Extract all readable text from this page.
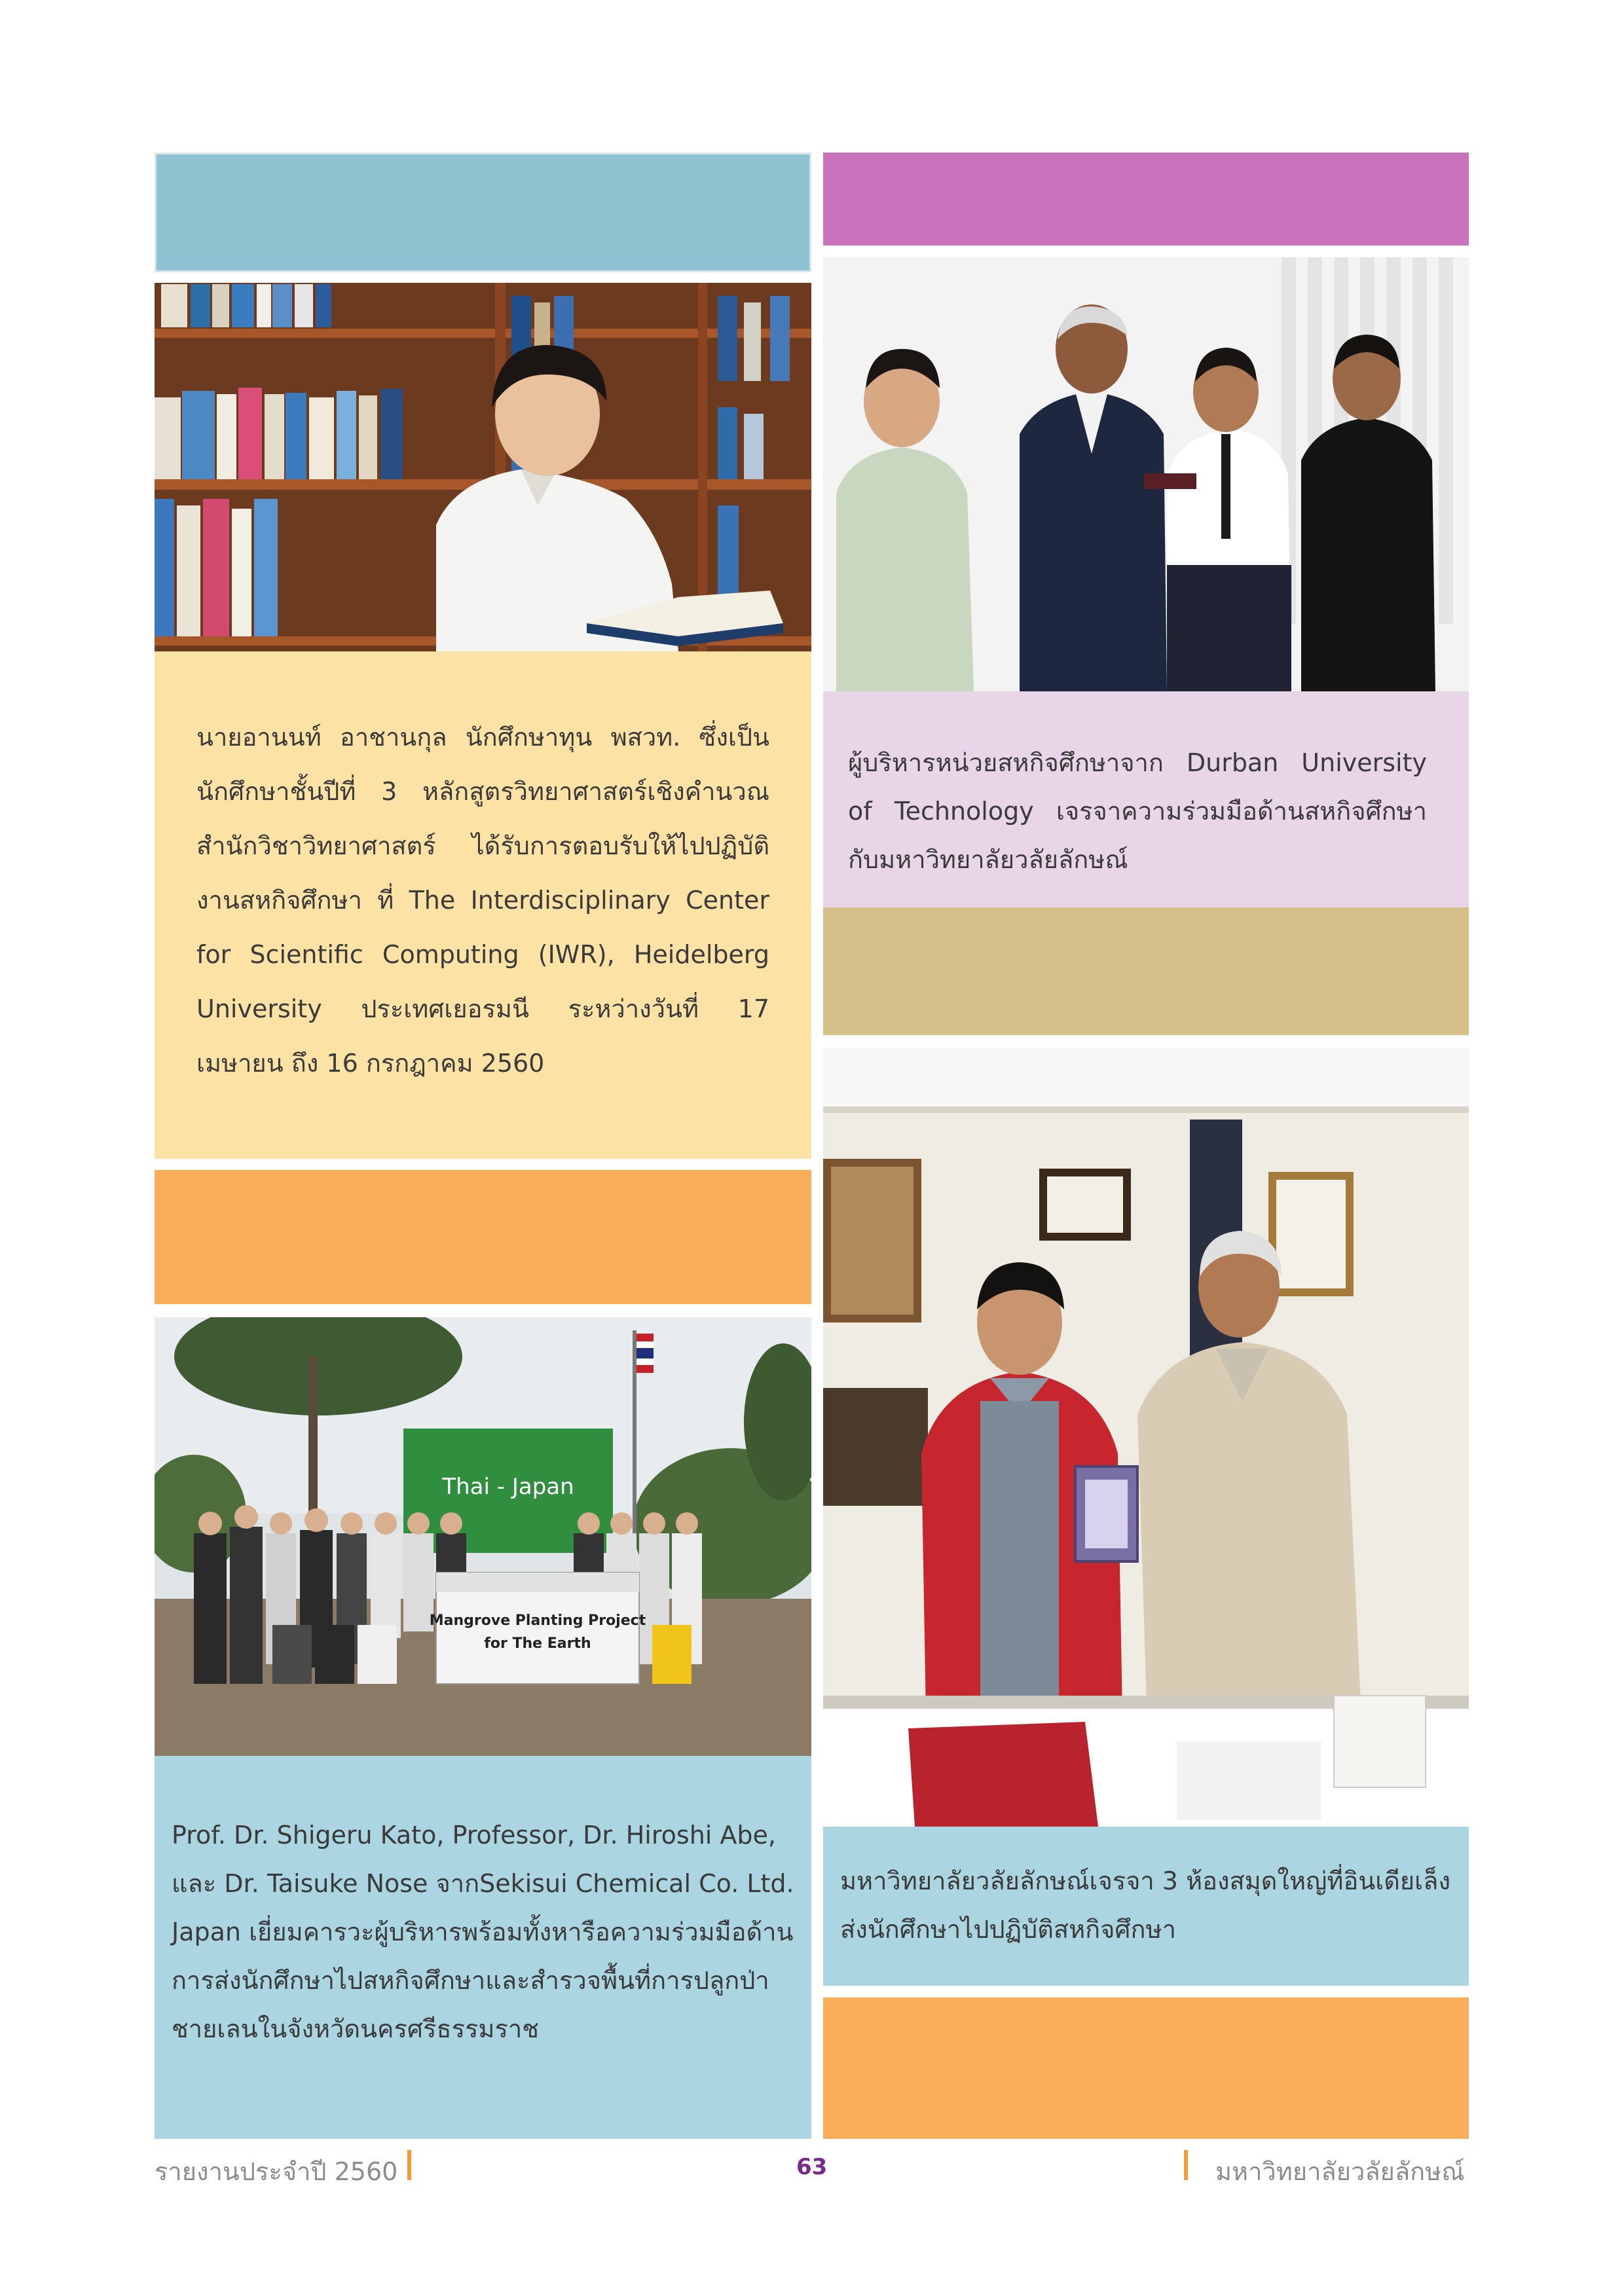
นายอานนท์ อาชานกุล นักศึกษาทุน พสวท. ซึ่งเป็นนักศึกษาชั้นปีที่ 3 หลักสูตรวิทยาศาสตร์เชิงคำนวณ สำนักวิชาวิทยาศาสตร์ ได้รับการตอบรับให้ไปปฏิบัติงานสหกิจศึกษา ที่ The Interdisciplinary Center for Scientific Computing (IWR), Heidelberg University ประเทศเยอรมนี ระหว่างวันที่ 17 เมษายน ถึง 16 กรกฎาคม 2560

Thai - Japan
Mangrove Planting Project
for The Earth

Prof. Dr. Shigeru Kato, Professor, Dr. Hiroshi Abe, และ Dr. Taisuke Nose จากSekisui Chemical Co. Ltd. Japan เยี่ยมคารวะผู้บริหารพร้อมทั้งหารือความร่วมมือด้านการส่งนักศึกษาไปสหกิจศึกษาและสำรวจพื้นที่การปลูกป่าชายเลนในจังหวัดนครศรีธรรมราช

ผู้บริหารหน่วยสหกิจศึกษาจาก Durban University of Technology เจรจาความร่วมมือด้านสหกิจศึกษากับมหาวิทยาลัยวลัยลักษณ์

มหาวิทยาลัยวลัยลักษณ์เจรจา 3 ห้องสมุดใหญ่ที่อินเดียเล็งส่งนักศึกษาไปปฏิบัติสหกิจศึกษา

รายงานประจำปี 2560	63	มหาวิทยาลัยวลัยลักษณ์
